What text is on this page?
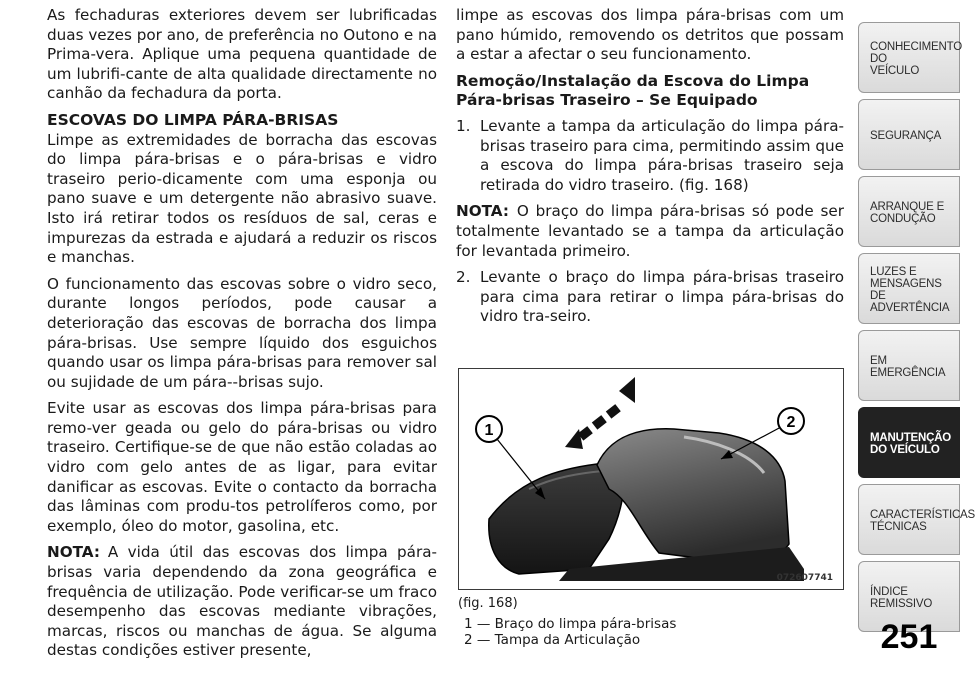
As fechaduras exteriores devem ser lubrificadas duas vezes por ano, de preferência no Outono e na Prima-vera. Aplique uma pequena quantidade de um lubrifi-cante de alta qualidade directamente no canhão da fechadura da porta.

ESCOVAS DO LIMPA PÁRA-BRISAS

Limpe as extremidades de borracha das escovas do limpa pára-brisas e o pára-brisas e vidro traseiro perio-dicamente com uma esponja ou pano suave e um detergente não abrasivo suave. Isto irá retirar todos os resíduos de sal, ceras e impurezas da estrada e ajudará a reduzir os riscos e manchas.

O funcionamento das escovas sobre o vidro seco, durante longos períodos, pode causar a deterioração das escovas de borracha dos limpa pára-brisas. Use sempre líquido dos esguichos quando usar os limpa pára-brisas para remover sal ou sujidade de um pára--brisas sujo.

Evite usar as escovas dos limpa pára-brisas para remo-ver geada ou gelo do pára-brisas ou vidro traseiro. Certifique-se de que não estão coladas ao vidro com gelo antes de as ligar, para evitar danificar as escovas. Evite o contacto da borracha das lâminas com produ-tos petrolíferos como, por exemplo, óleo do motor, gasolina, etc.

NOTA: A vida útil das escovas dos limpa pára-brisas varia dependendo da zona geográfica e frequência de utilização. Pode verificar-se um fraco desempenho das escovas mediante vibrações, marcas, riscos ou manchas de água. Se alguma destas condições estiver presente,

limpe as escovas dos limpa pára-brisas com um pano húmido, removendo os detritos que possam a estar a afectar o seu funcionamento.

Remoção/Instalação da Escova do Limpa Pára-brisas Traseiro – Se Equipado
1. Levante a tampa da articulação do limpa pára-brisas traseiro para cima, permitindo assim que a escova do limpa pára-brisas traseiro seja retirada do vidro traseiro. (fig. 168)

NOTA: O braço do limpa pára-brisas só pode ser totalmente levantado se a tampa da articulação for levantada primeiro.

2. Levante o braço do limpa pára-brisas traseiro para cima para retirar o limpa pára-brisas do vidro tra-seiro.
1	2
072607741
(fig. 168)
1 — Braço do limpa pára-brisas
2 — Tampa da Articulação
CONHECIMENTO
DO
VEÍCULO
SEGURANÇA
ARRANQUE E
CONDUÇÃO
LUZES E
MENSAGENS
DE
ADVERTÊNCIA
EM
EMERGÊNCIA
MANUTENÇÃO
DO VEÍCULO
CARACTERÍSTICAS
TÉCNICAS
ÍNDICE
REMISSIVO
251
